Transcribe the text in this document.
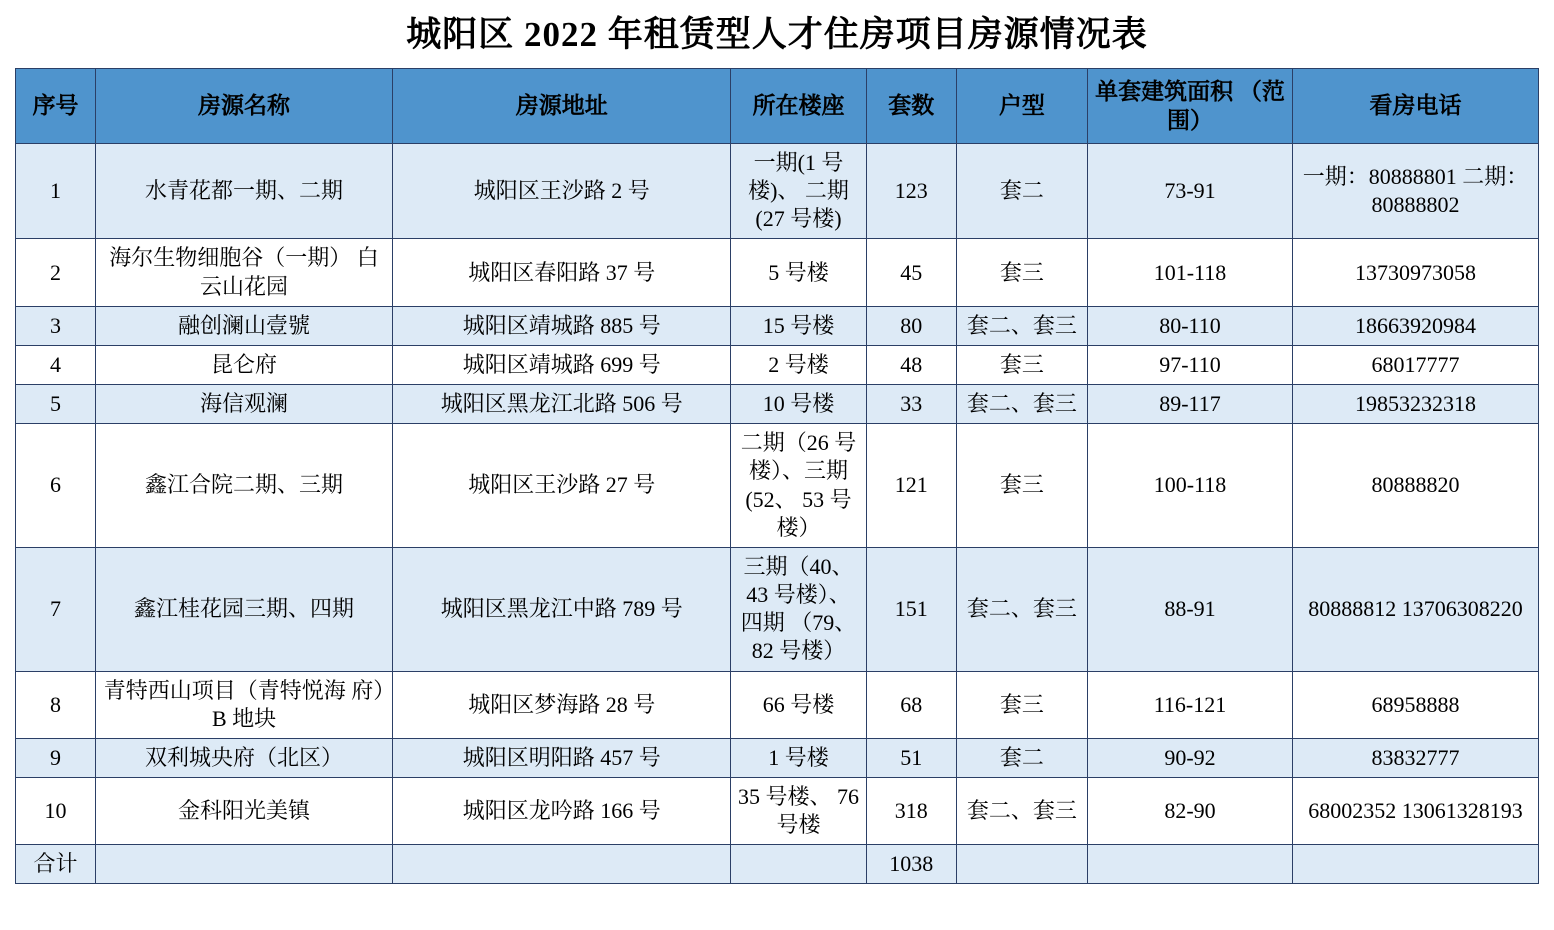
城阳区 2022 年租赁型人才住房项目房源情况表
序号	房源名称	房源地址	所在楼座	套数	户型	单套建筑面积 （范围）	看房电话
1	水青花都一期、二期	城阳区王沙路 2 号	一期(1 号楼)、 二期(27 号楼)	123	套二	73-91	一期：80888801 二期：80888802
2	海尔生物细胞谷（一期） 白云山花园	城阳区春阳路 37 号	5 号楼	45	套三	101-118	13730973058
3	融创澜山壹號	城阳区靖城路 885 号	15 号楼	80	套二、套三	80-110	18663920984
4	昆仑府	城阳区靖城路 699 号	2 号楼	48	套三	97-110	68017777
5	海信观澜	城阳区黑龙江北路 506 号	10 号楼	33	套二、套三	89-117	19853232318
6	鑫江合院二期、三期	城阳区王沙路 27 号	二期（26 号 楼）、三期(52、 53 号楼）	121	套三	100-118	80888820
7	鑫江桂花园三期、四期	城阳区黑龙江中路 789 号	三期（40、43 号楼）、四期 （79、82 号楼）	151	套二、套三	88-91	80888812 13706308220
8	青特西山项目（青特悦海 府）B 地块	城阳区梦海路 28 号	66 号楼	68	套三	116-121	68958888
9	双利城央府（北区）	城阳区明阳路 457 号	1 号楼	51	套二	90-92	83832777
10	金科阳光美镇	城阳区龙吟路 166 号	35 号楼、 76 号楼	318	套二、套三	82-90	68002352 13061328193
合计				1038			
